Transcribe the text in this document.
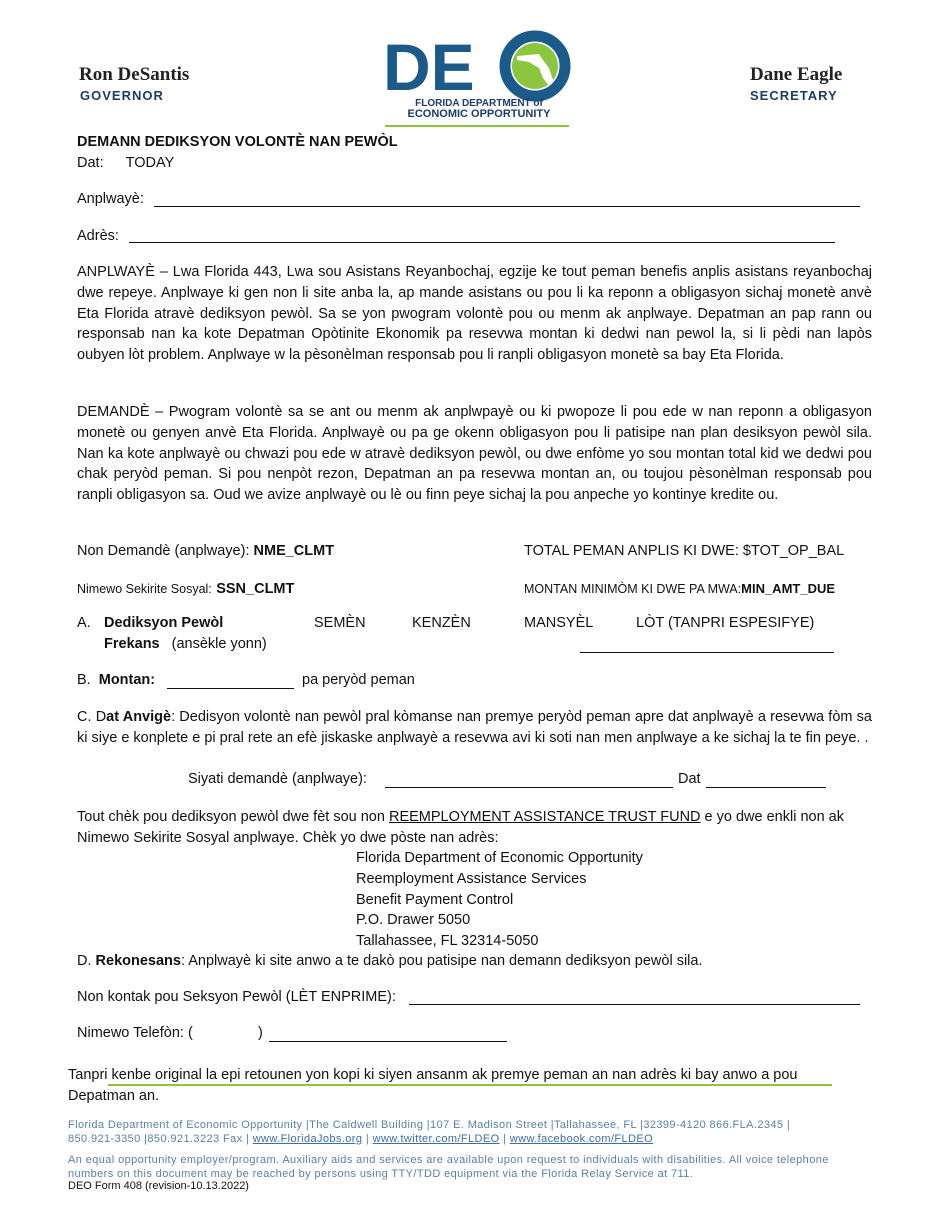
Ron DeSantis
GOVERNOR	DE
FLORIDA DEPARTMENT of
ECONOMIC OPPORTUNITY
Dane Eagle
SECRETARY
DEMANN DEDIKSYON VOLONTÈ NAN PEWÒL
Dat: TODAY
Anplwayè:
Adrès:
ANPLWAYÈ – Lwa Florida 443, Lwa sou Asistans Reyanbochaj, egzije ke tout peman benefis anplis asistans reyanbochaj dwe repeye. Anplwaye ki gen non li site anba la, ap mande asistans ou pou li ka reponn a obligasyon sichaj monetè anvè Eta Florida atravè dediksyon pewòl. Sa se yon pwogram volontè pou ou menm ak anplwaye. Depatman an pap rann ou responsab nan ka kote Depatman Opòtinite Ekonomik pa resevwa montan ki dedwi nan pewol la, si li pèdi nan lapòs oubyen lòt problem. Anplwaye w la pèsonèlman responsab pou li ranpli obligasyon monetè sa bay Eta Florida.
DEMANDÈ – Pwogram volontè sa se ant ou menm ak anplwpayè ou ki pwopoze li pou ede w nan reponn a obligasyon monetè ou genyen anvè Eta Florida. Anplwayè ou pa ge okenn obligasyon pou li patisipe nan plan desiksyon pewòl sila. Nan ka kote anplwayè ou chwazi pou ede w atravè dediksyon pewòl, ou dwe enfòme yo sou montan total kid we dedwi pou chak peryòd peman. Si pou nenpòt rezon, Depatman an pa resevwa montan an, ou toujou pèsonèlman responsab pou ranpli obligasyon sa. Oud we avize anplwayè ou lè ou finn peye sichaj la pou anpeche yo kontinye kredite ou.
Non Demandè (anplwaye): NME_CLMT	TOTAL PEMAN ANPLIS KI DWE: $TOT_OP_BAL
Nimewo Sekirite Sosyal: SSN_CLMT	MONTAN MINIMÒM KI DWE PA MWA:MIN_AMT_DUE
A. Dediksyon Pewòl	SEMÈN	KENZÈN	MANSYÈL	LÒT (TANPRI ESPESIFYE)
Frekans (ansèkle yonn)
B. Montan:	pa peryòd peman
C. Dat Anvigè: Dedisyon volontè nan pewòl pral kòmanse nan premye peryòd peman apre dat anplwayè a resevwa fòm sa ki siye e konplete e pi pral rete an efè jiskaske anplwayè a resevwa avi ki soti nan men anplwaye a ke sichaj la te fin peye. .
Siyati demandè (anplwaye):	Dat
Tout chèk pou dediksyon pewòl dwe fèt sou non REEMPLOYMENT ASSISTANCE TRUST FUND e yo dwe enkli non ak
Nimewo Sekirite Sosyal anplwaye. Chèk yo dwe pòste nan adrès:
Florida Department of Economic Opportunity
Reemployment Assistance Services
Benefit Payment Control
P.O. Drawer 5050
Tallahassee, FL 32314-5050
D. Rekonesans: Anplwayè ki site anwo a te dakò pou patisipe nan demann dediksyon pewòl sila.
Non kontak pou Seksyon Pewòl (LÈT ENPRIME):
Nimewo Telefòn: (	)
Tanpri kenbe original la epi retounen yon kopi ki siyen ansanm ak premye peman an nan adrès ki bay anwo a pou
Depatman an.
Florida Department of Economic Opportunity |The Caldwell Building |107 E. Madison Street |Tallahassee, FL |32399-4120 866.FLA.2345 |
850.921-3350 |850.921.3223 Fax | www.FloridaJobs.org | www.twitter.com/FLDEO | www.facebook.com/FLDEO
An equal opportunity employer/program. Auxiliary aids and services are available upon request to individuals with disabilities. All voice telephone numbers on this document may be reached by persons using TTY/TDD equipment via the Florida Relay Service at 711.
DEO Form 408 (revision-10.13.2022)
